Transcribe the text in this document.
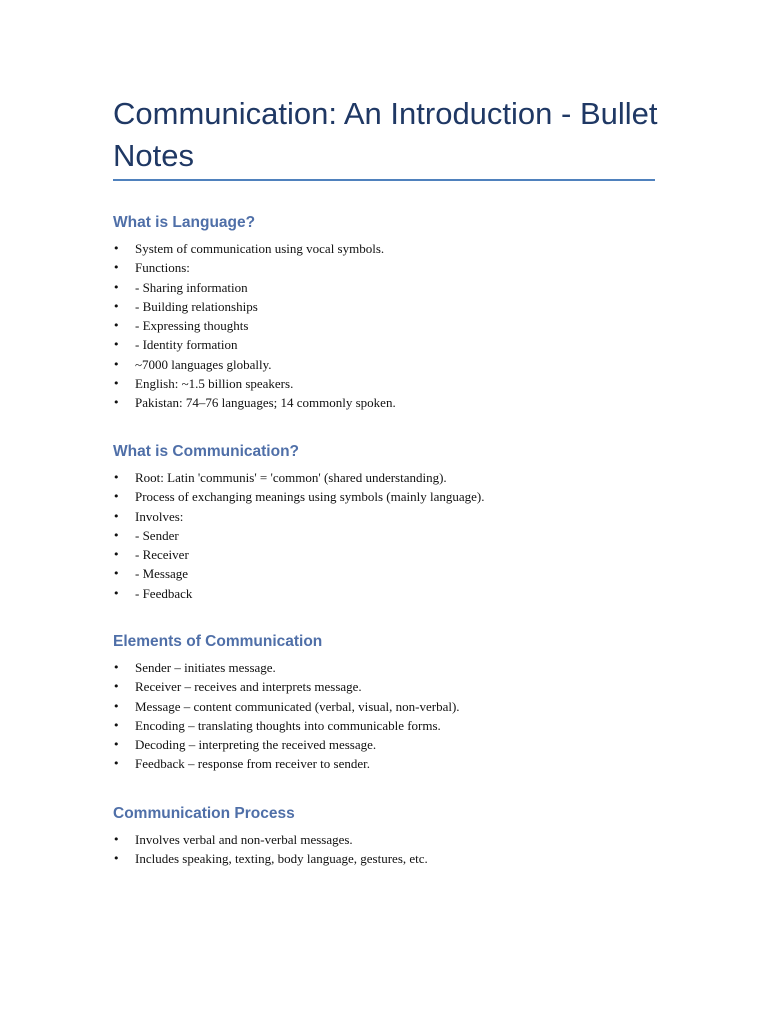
Communication: An Introduction - Bullet Notes
What is Language?
• System of communication using vocal symbols.
• Functions:
• - Sharing information
• - Building relationships
• - Expressing thoughts
• - Identity formation
• ~7000 languages globally.
• English: ~1.5 billion speakers.
• Pakistan: 74–76 languages; 14 commonly spoken.
What is Communication?
• Root: Latin 'communis' = 'common' (shared understanding).
• Process of exchanging meanings using symbols (mainly language).
• Involves:
• - Sender
• - Receiver
• - Message
• - Feedback
Elements of Communication
• Sender – initiates message.
• Receiver – receives and interprets message.
• Message – content communicated (verbal, visual, non-verbal).
• Encoding – translating thoughts into communicable forms.
• Decoding – interpreting the received message.
• Feedback – response from receiver to sender.
Communication Process
• Involves verbal and non-verbal messages.
• Includes speaking, texting, body language, gestures, etc.
